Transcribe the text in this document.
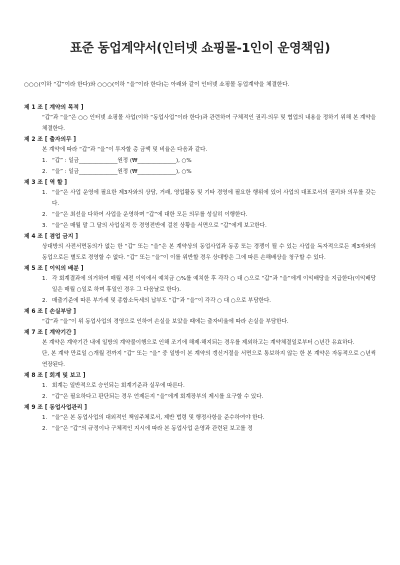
표준 동업계약서(인터넷 쇼핑몰-1인이 운영책임)

○○○(이하 “갑”이라 한다)와 ○○○(이하 “을”이라 한다)는 아래와 같이 인터넷 쇼핑몰 동업계약을 체결한다.

제 1 조 [ 계약의 목적 ]
“갑”과 “을”은 ○○ 인터넷 쇼핑몰 사업(이하 “동업사업”이라 한다)과 관련하여 구체적인 권리·의무 및 협업의 내용을 정하기 위해 본 계약을 체결한다.
제 2 조 [ 출자의무 ]
본 계약에 따라 “갑”과 “을”이 투자할 총 금액 및 비율은 다음과 같다.
1. “갑” : 일금______________원정 (₩______________), ○%
2. “을” : 일금______________원정 (₩______________), ○%
제 3 조 [ 역 할 ]
1. “을”은 사업 운영에 필요한 제3자와의 상담, 거래, 영업활동 및 기타 경영에 필요한 행위에 있어 사업의 대표로서의 권리와 의무를 갖는다.
2. “을”은 최선을 다하여 사업을 운영하며 “갑”에 대한 모든 의무를 성실히 이행한다.
3. “을”은 매월 말 그 달의 사업실적 등 경영전반에 걸친 상황을 서면으로 “갑”에게 보고한다.
제 4 조 [ 겸업 금지 ]
상대방의 사전서면동의가 없는 한 “갑” 또는 “을”은 본 계약상의 동업사업과 동종 또는 경쟁이 될 수 있는 사업을 독자적으로든 제3자와의 동업으로든 별도로 경영할 수 없다. “갑” 또는 “을”이 이를 위반할 경우 상대방은 그에 따른 손해배상을 청구할 수 있다.
제 5 조 [ 이익의 배분 ]
1. 각 회계결과에 의거하여 매월 세전 이익에서 예치금 ○%를 예치한 후 각각 ○ 대 ○으로 “갑”과 “을”에게 이익배당을 지급한다(이익배당일은 매월 ○일로 하며 휴일인 경우 그 다음날로 한다).
2. 매출기준에 따른 부가세 및 종합소득세의 납부도 “갑”과 “을”이 각각 ○ 대 ○으로 부담한다.
제 6 조 [ 손실부담 ]
“갑”과 “을”이 위 동업사업의 경영으로 인하여 손실을 보았을 때에는 출자비율에 따라 손실을 부담한다.
제 7 조 [ 계약기간 ]
본 계약은 계약기간 내에 일방의 계약불이행으로 인해 조기에 해제·해지되는 경우를 제외하고는 계약체결일로부터 ○년간 유효하다.
단, 본 계약 만료일 ○개월 전까지 “갑” 또는 “을” 중 일방이 본 계약의 갱신거절을 서면으로 통보하지 않는 한 본 계약은 자동적으로 ○년씩 연장된다.
제 8 조 [ 회계 및 보고 ]
1. 회계는 일반적으로 승인되는 회계기준과 실무에 따른다.
2. “갑”은 필요하다고 판단되는 경우 언제든지 “을”에게 회계장부의 제시를 요구할 수 있다.
제 9 조 [ 동업사업관리 ]
1. “을”은 본 동업사업의 대외적인 책임주체로서, 제반 법령 및 행정사항을 준수하여야 한다.
2. “을”은 “갑”의 규정이나 구체적인 지시에 따라 본 동업사업 운영과 관련된 보고를 정
